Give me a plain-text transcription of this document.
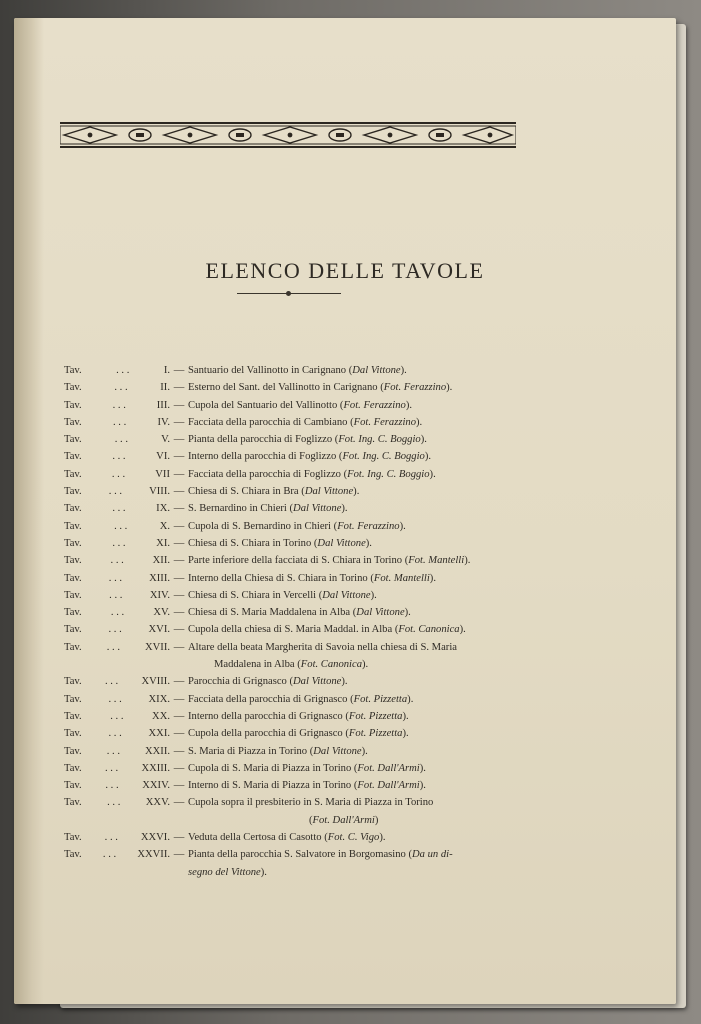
ELENCO DELLE TAVOLE
Tav.	. . .	I. — Santuario del Vallinotto in Carignano (Dal Vittone).
Tav.	. . .	II. — Esterno del Sant. del Vallinotto in Carignano (Fot. Ferazzino).
Tav.	. . .	III. — Cupola del Santuario del Vallinotto (Fot. Ferazzino).
Tav.	. . .	IV. — Facciata della parocchia di Cambiano (Fot. Ferazzino).
Tav.	. . .	V. — Pianta della parocchia di Foglizzo (Fot. Ing. C. Boggio).
Tav.	. . .	VI. — Interno della parocchia di Foglizzo (Fot. Ing. C. Boggio).
Tav.	. . .	VII — Facciata della parocchia di Foglizzo (Fot. Ing. C. Boggio).
Tav.	. . .	VIII. — Chiesa di S. Chiara in Bra (Dal Vittone).
Tav.	. . .	IX. — S. Bernardino in Chieri (Dal Vittone).
Tav.	. . .	X. — Cupola di S. Bernardino in Chieri (Fot. Ferazzino).
Tav.	. . .	XI. — Chiesa di S. Chiara in Torino (Dal Vittone).
Tav.	. . .	XII. — Parte inferiore della facciata di S. Chiara in Torino (Fot. Mantelli).
Tav.	. . .	XIII. — Interno della Chiesa di S. Chiara in Torino (Fot. Mantelli).
Tav.	. . .	XIV. — Chiesa di S. Chiara in Vercelli (Dal Vittone).
Tav.	. . .	XV. — Chiesa di S. Maria Maddalena in Alba (Dal Vittone).
Tav.	. . .	XVI. — Cupola della chiesa di S. Maria Maddal. in Alba (Fot. Canonica).
Tav.	. . .	XVII. — Altare della beata Margherita di Savoia nella chiesa di S. Maria
Maddalena in Alba (Fot. Canonica).
Tav.	. . .	XVIII. — Parocchia di Grignasco (Dal Vittone).
Tav.	. . .	XIX. — Facciata della parocchia di Grignasco (Fot. Pizzetta).
Tav.	. . .	XX. — Interno della parocchia di Grignasco (Fot. Pizzetta).
Tav.	. . .	XXI. — Cupola della parocchia di Grignasco (Fot. Pizzetta).
Tav.	. . .	XXII. — S. Maria di Piazza in Torino (Dal Vittone).
Tav.	. . .	XXIII. — Cupola di S. Maria di Piazza in Torino (Fot. Dall'Armi).
Tav.	. . .	XXIV. — Interno di S. Maria di Piazza in Torino (Fot. Dall'Armi).
Tav.	. . .	XXV. — Cupola sopra il presbiterio in S. Maria di Piazza in Torino
(Fot. Dall'Armi)
Tav.	. . .	XXVI. — Veduta della Certosa di Casotto (Fot. C. Vigo).
Tav.	. . .	XXVII. — Pianta della parocchia S. Salvatore in Borgomasino (Da un di-
segno del Vittone).
